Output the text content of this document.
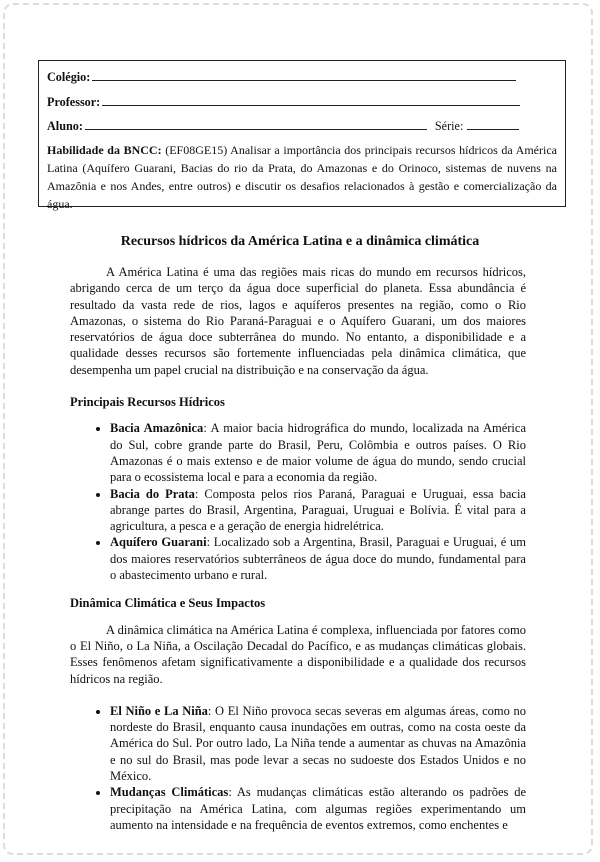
Colégio:
Professor:
Aluno:	Série:
Habilidade da BNCC: (EF08GE15) Analisar a importância dos principais recursos hídricos da América Latina (Aquífero Guarani, Bacias do rio da Prata, do Amazonas e do Orinoco, sistemas de nuvens na Amazônia e nos Andes, entre outros) e discutir os desafios relacionados à gestão e comercialização da água.
Recursos hídricos da América Latina e a dinâmica climática

A América Latina é uma das regiões mais ricas do mundo em recursos hídricos, abrigando cerca de um terço da água doce superficial do planeta. Essa abundância é resultado da vasta rede de rios, lagos e aquíferos presentes na região, como o Rio Amazonas, o sistema do Rio Paraná-Paraguai e o Aquífero Guarani, um dos maiores reservatórios de água doce subterrânea do mundo. No entanto, a disponibilidade e a qualidade desses recursos são fortemente influenciadas pela dinâmica climática, que desempenha um papel crucial na distribuição e na conservação da água.

Principais Recursos Hídricos
• Bacia Amazônica: A maior bacia hidrográfica do mundo, localizada na América do Sul, cobre grande parte do Brasil, Peru, Colômbia e outros países. O Rio Amazonas é o mais extenso e de maior volume de água do mundo, sendo crucial para o ecossistema local e para a economia da região.
• Bacia do Prata: Composta pelos rios Paraná, Paraguai e Uruguai, essa bacia abrange partes do Brasil, Argentina, Paraguai, Uruguai e Bolívia. É vital para a agricultura, a pesca e a geração de energia hidrelétrica.
• Aquífero Guarani: Localizado sob a Argentina, Brasil, Paraguai e Uruguai, é um dos maiores reservatórios subterrâneos de água doce do mundo, fundamental para o abastecimento urbano e rural.
Dinâmica Climática e Seus Impactos

A dinâmica climática na América Latina é complexa, influenciada por fatores como o El Niño, o La Niña, a Oscilação Decadal do Pacífico, e as mudanças climáticas globais. Esses fenômenos afetam significativamente a disponibilidade e a qualidade dos recursos hídricos na região.

• El Niño e La Niña: O El Niño provoca secas severas em algumas áreas, como no nordeste do Brasil, enquanto causa inundações em outras, como na costa oeste da América do Sul. Por outro lado, La Niña tende a aumentar as chuvas na Amazônia e no sul do Brasil, mas pode levar a secas no sudoeste dos Estados Unidos e no México.
• Mudanças Climáticas: As mudanças climáticas estão alterando os padrões de precipitação na América Latina, com algumas regiões experimentando um aumento na intensidade e na frequência de eventos extremos, como enchentes e
